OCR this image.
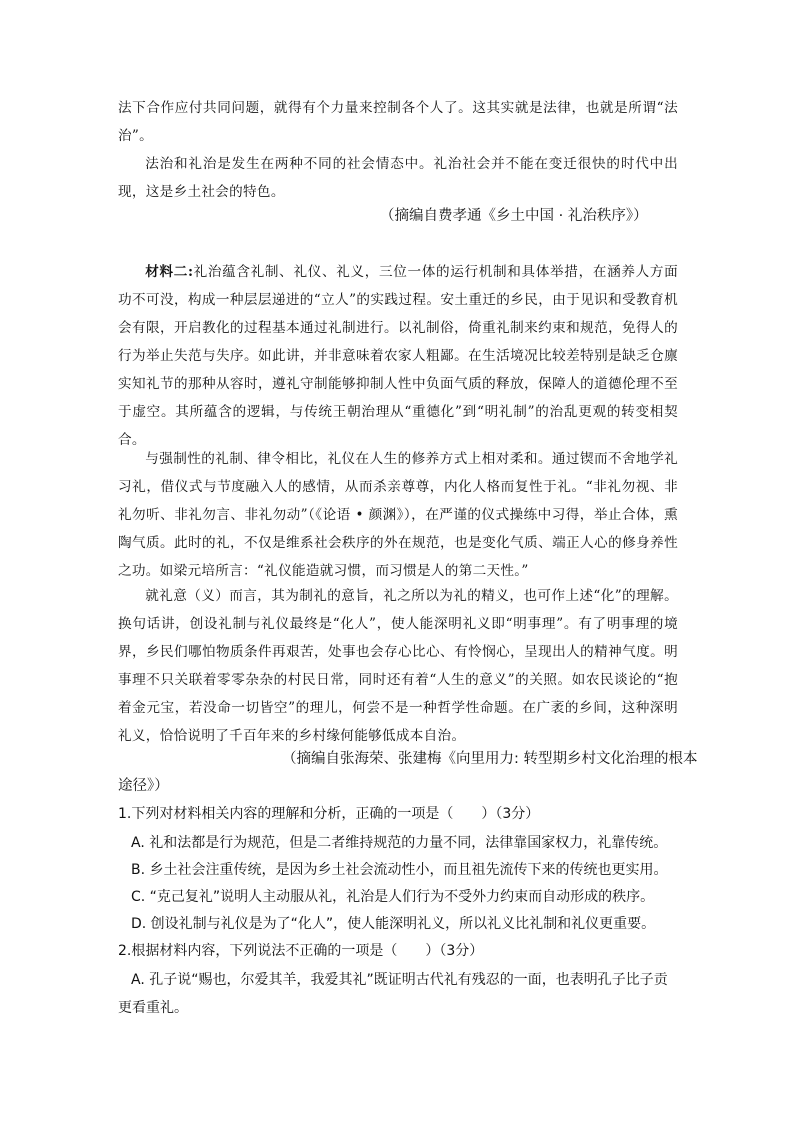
法下合作应付共同问题，就得有个力量来控制各个人了。这其实就是法律，也就是所谓“法治”。

法治和礼治是发生在两种不同的社会情态中。礼治社会并不能在变迁很快的时代中出现，这是乡土社会的特色。

（摘编自费孝通《乡土中国 · 礼治秩序》）

材料二:礼治蕴含礼制、礼仪、礼义，三位一体的运行机制和具体举措，在涵养人方面功不可没，构成一种层层递进的“立人”的实践过程。安土重迁的乡民，由于见识和受教育机会有限，开启教化的过程基本通过礼制进行。以礼制俗，倚重礼制来约束和规范，免得人的行为举止失范与失序。如此讲，并非意味着农家人粗鄙。在生活境况比较差特别是缺乏仓廪实知礼节的那种从容时，遵礼守制能够抑制人性中负面气质的释放，保障人的道德伦理不至于虚空。其所蕴含的逻辑，与传统王朝治理从“重德化”到“明礼制”的治乱更观的转变相契合。

与强制性的礼制、律令相比，礼仪在人生的修养方式上相对柔和。通过锲而不舍地学礼习礼，借仪式与节度融入人的感情，从而杀亲尊尊，内化人格而复性于礼。“非礼勿视、非礼勿听、非礼勿言、非礼勿动”（《论语 • 颜渊》），在严谨的仪式操练中习得，举止合体，熏陶气质。此时的礼，不仅是维系社会秩序的外在规范，也是变化气质、端正人心的修身养性之功。如梁元培所言：“礼仪能造就习惯，而习惯是人的第二天性。”

就礼意（义）而言，其为制礼的意旨，礼之所以为礼的精义，也可作上述“化”的理解。换句话讲，创设礼制与礼仪最终是“化人”，使人能深明礼义即“明事理”。有了明事理的境界，乡民们哪怕物质条件再艰苦，处事也会存心比心、有怜悯心，呈现出人的精神气度。明事理不只关联着零零杂杂的村民日常，同时还有着“人生的意义”的关照。如农民谈论的“抱着金元宝，若没命一切皆空”的理儿，何尝不是一种哲学性命题。在广袤的乡间，这种深明礼义，恰恰说明了千百年来的乡村缘何能够低成本自治。

（摘编自张海荣、张建梅《向里用力: 转型期乡村文化治理的根本

途径》）

1.下列对材料相关内容的理解和分析，正确的一项是（　　）（3分）

A. 礼和法都是行为规范，但是二者维持规范的力量不同，法律靠国家权力，礼靠传统。

B. 乡土社会注重传统，是因为乡土社会流动性小，而且祖先流传下来的传统也更实用。

C. “克己复礼”说明人主动服从礼，礼治是人们行为不受外力约束而自动形成的秩序。

D. 创设礼制与礼仪是为了“化人”，使人能深明礼义，所以礼义比礼制和礼仪更重要。

2.根据材料内容，下列说法不正确的一项是（　　）（3分）

A. 孔子说“赐也，尔爱其羊，我爱其礼”既证明古代礼有残忍的一面，也表明孔子比子贡更看重礼。
